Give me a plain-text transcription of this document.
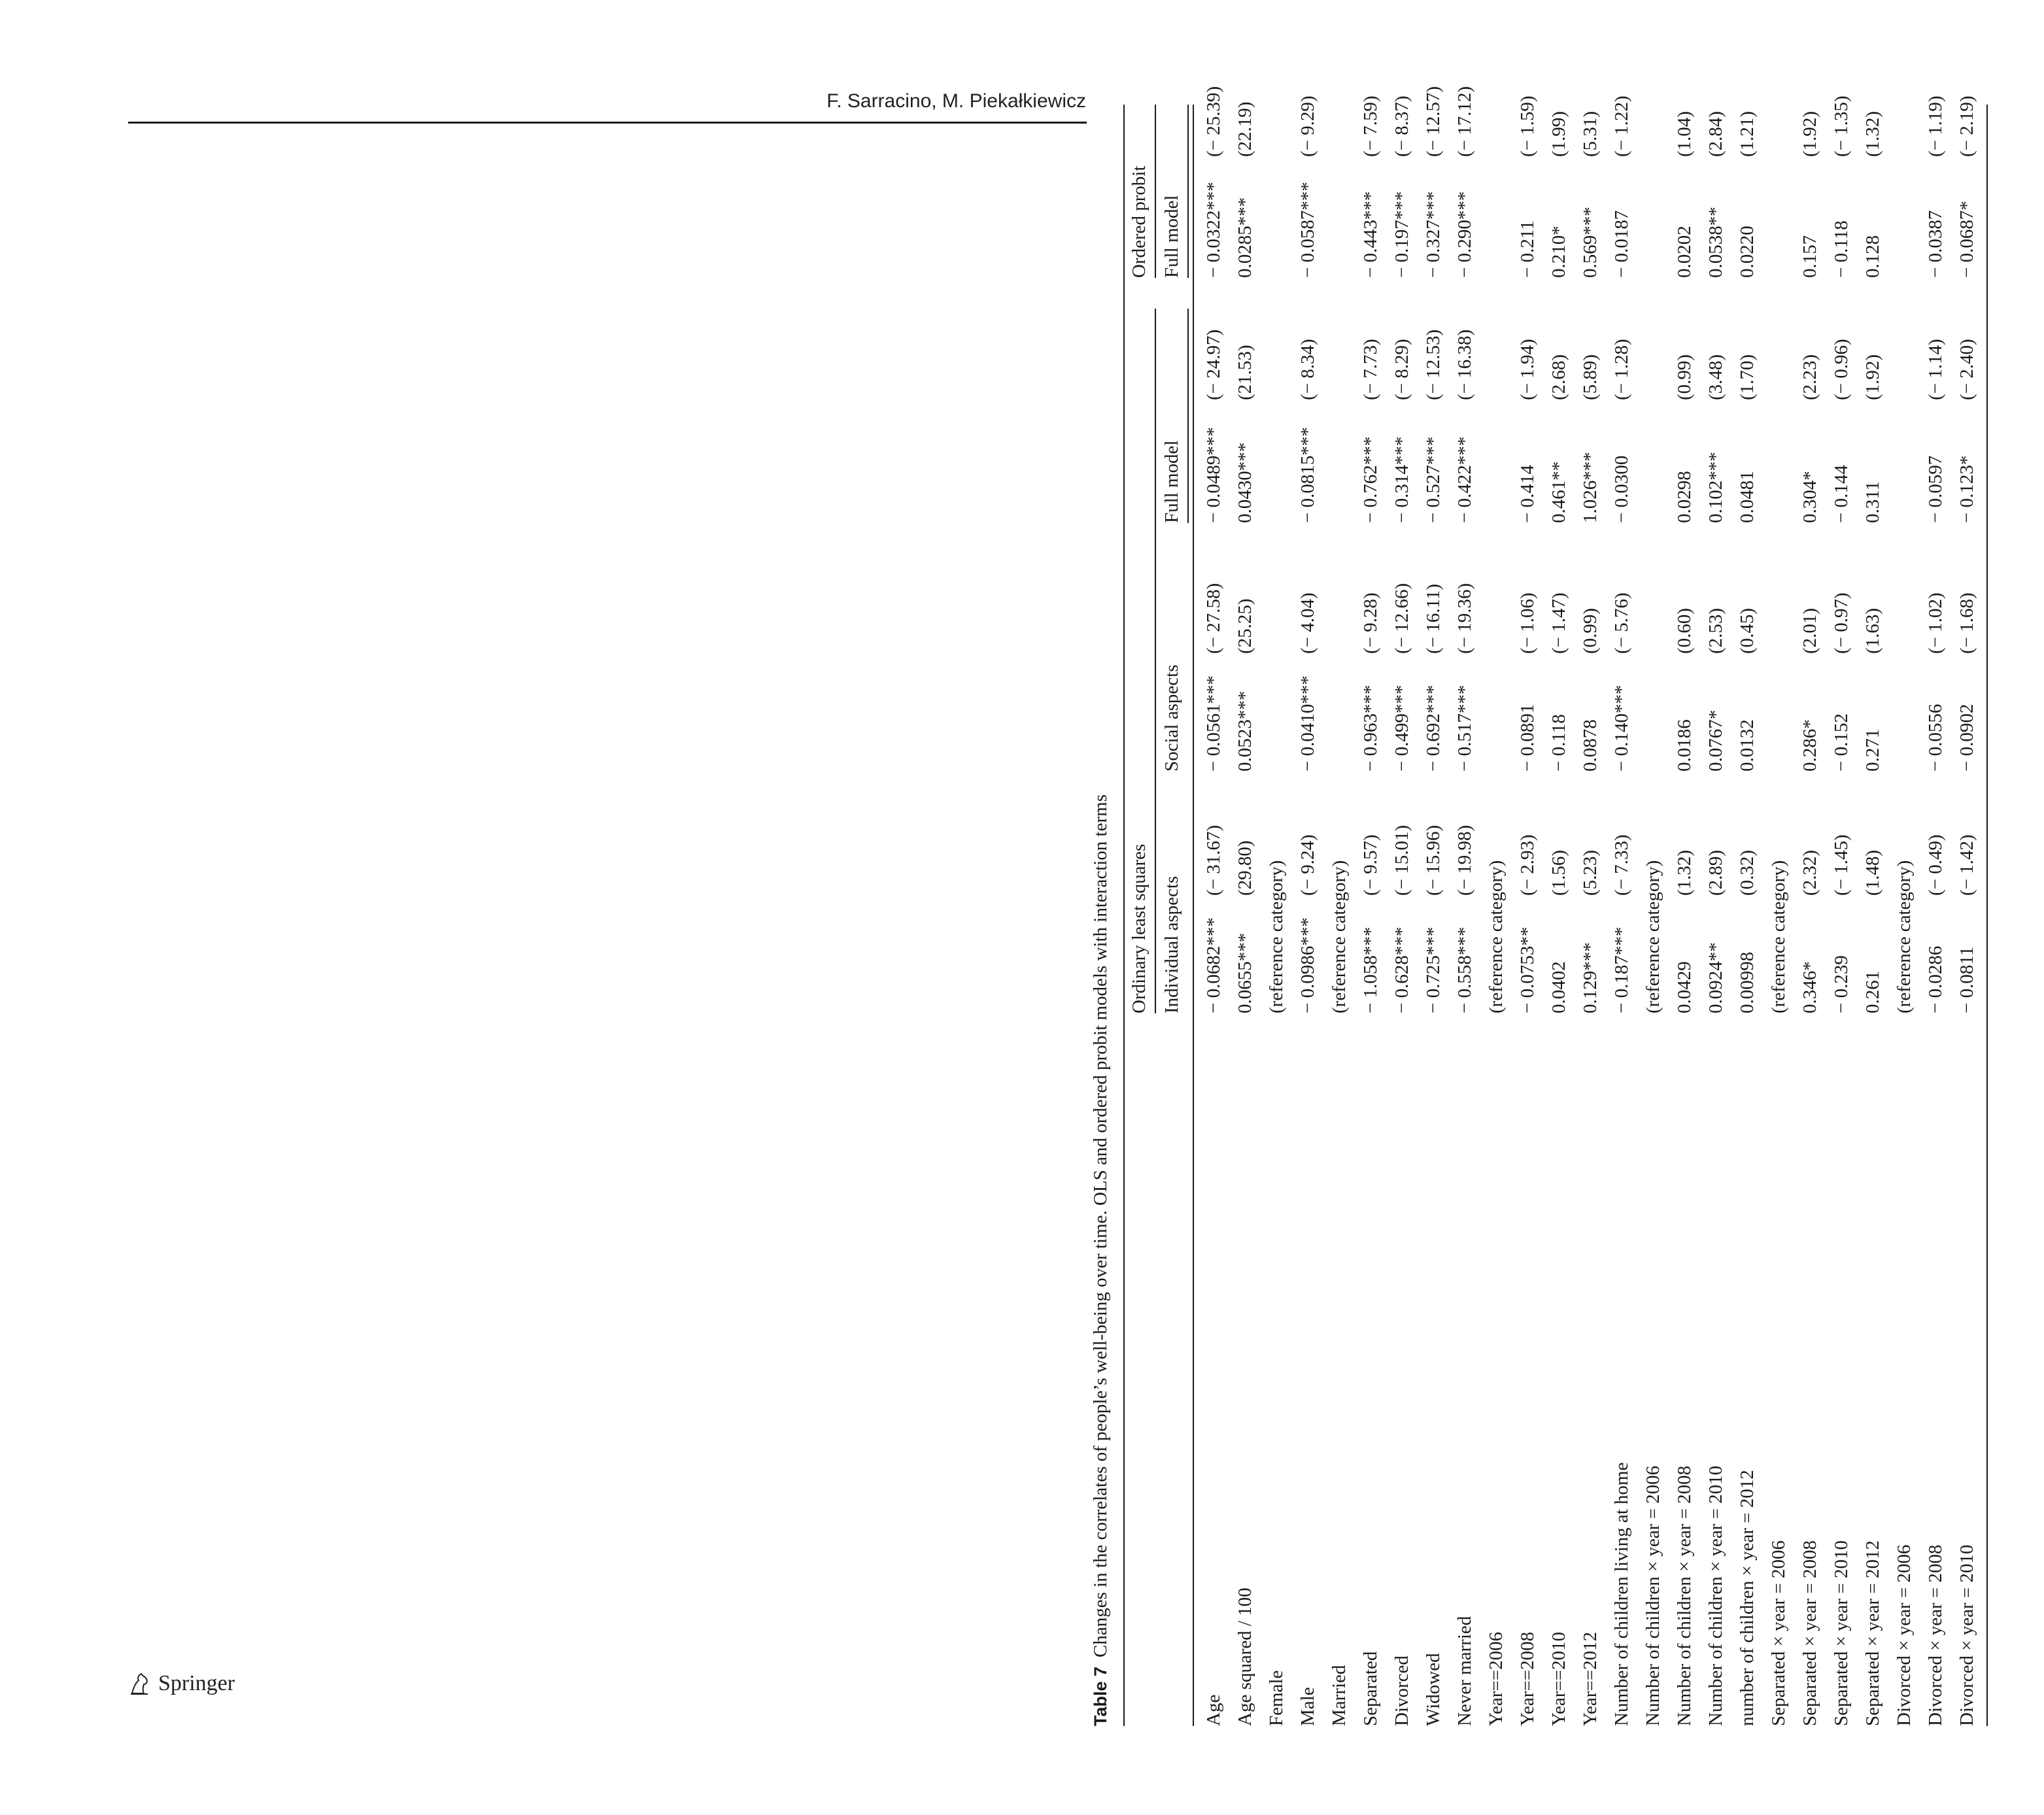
F. Sarracino, M. Piekałkiewicz
Springer	Table 7Changes in the correlates of people’s well-being over time. OLS and ordered probit models with interaction terms Ordinary least squares
Ordered probit
Individual aspects
Social aspects
Full model
Full model
Age
− 0.0682***
(− 31.67)
− 0.0561***
(− 27.58)
− 0.0489***
(− 24.97)
− 0.0322***
(− 25.39)
Age squared / 100
0.0655***
(29.80)
0.0523***
(25.25)
0.0430***
(21.53)
0.0285***
(22.19)
Female
(reference category)
Male
− 0.0986***
(− 9.24)
− 0.0410***
(− 4.04)
− 0.0815***
(− 8.34)
− 0.0587***
(− 9.29)
Married
(reference category)
Separated
− 1.058***
(− 9.57)
− 0.963***
(− 9.28)
− 0.762***
(− 7.73)
− 0.443***
(− 7.59)
Divorced
− 0.628***
(− 15.01)
− 0.499***
(− 12.66)
− 0.314***
(− 8.29)
− 0.197***
(− 8.37)
Widowed
− 0.725***
(− 15.96)
− 0.692***
(− 16.11)
− 0.527***
(− 12.53)
− 0.327***
(− 12.57)
Never married
− 0.558***
(− 19.98)
− 0.517***
(− 19.36)
− 0.422***
(− 16.38)
− 0.290***
(− 17.12)
Year==2006
(reference category)
Year==2008
− 0.0753**
(− 2.93)
− 0.0891
(− 1.06)
− 0.414
(− 1.94)
− 0.211
(− 1.59)
Year==2010
0.0402
(1.56)
− 0.118
(− 1.47)
0.461**
(2.68)
0.210*
(1.99)
Year==2012
0.129***
(5.23)
0.0878
(0.99)
1.026***
(5.89)
0.569***
(5.31)
Number of children living at home
− 0.187***
(− 7.33)
− 0.140***
(− 5.76)
− 0.0300
(− 1.28)
− 0.0187
(− 1.22)
Number of children × year = 2006
(reference category)
Number of children × year = 2008
0.0429
(1.32)
0.0186
(0.60)
0.0298
(0.99)
0.0202
(1.04)
Number of children × year = 2010
0.0924**
(2.89)
0.0767*
(2.53)
0.102***
(3.48)
0.0538**
(2.84)
number of children × year = 2012
0.00998
(0.32)
0.0132
(0.45)
0.0481
(1.70)
0.0220
(1.21)
Separated × year = 2006
(reference category)
Separated × year = 2008
0.346*
(2.32)
0.286*
(2.01)
0.304*
(2.23)
0.157
(1.92)
Separated × year = 2010
− 0.239
(− 1.45)
− 0.152
(− 0.97)
− 0.144
(− 0.96)
− 0.118
(− 1.35)
Separated × year = 2012
0.261
(1.48)
0.271
(1.63)
0.311
(1.92)
0.128
(1.32)
Divorced × year = 2006
(reference category)
Divorced × year = 2008
− 0.0286
(− 0.49)
− 0.0556
(− 1.02)
− 0.0597
(− 1.14)
− 0.0387
(− 1.19)
Divorced × year = 2010
− 0.0811
(− 1.42)
− 0.0902
(− 1.68)
− 0.123*
(− 2.40)
− 0.0687*
(− 2.19)
